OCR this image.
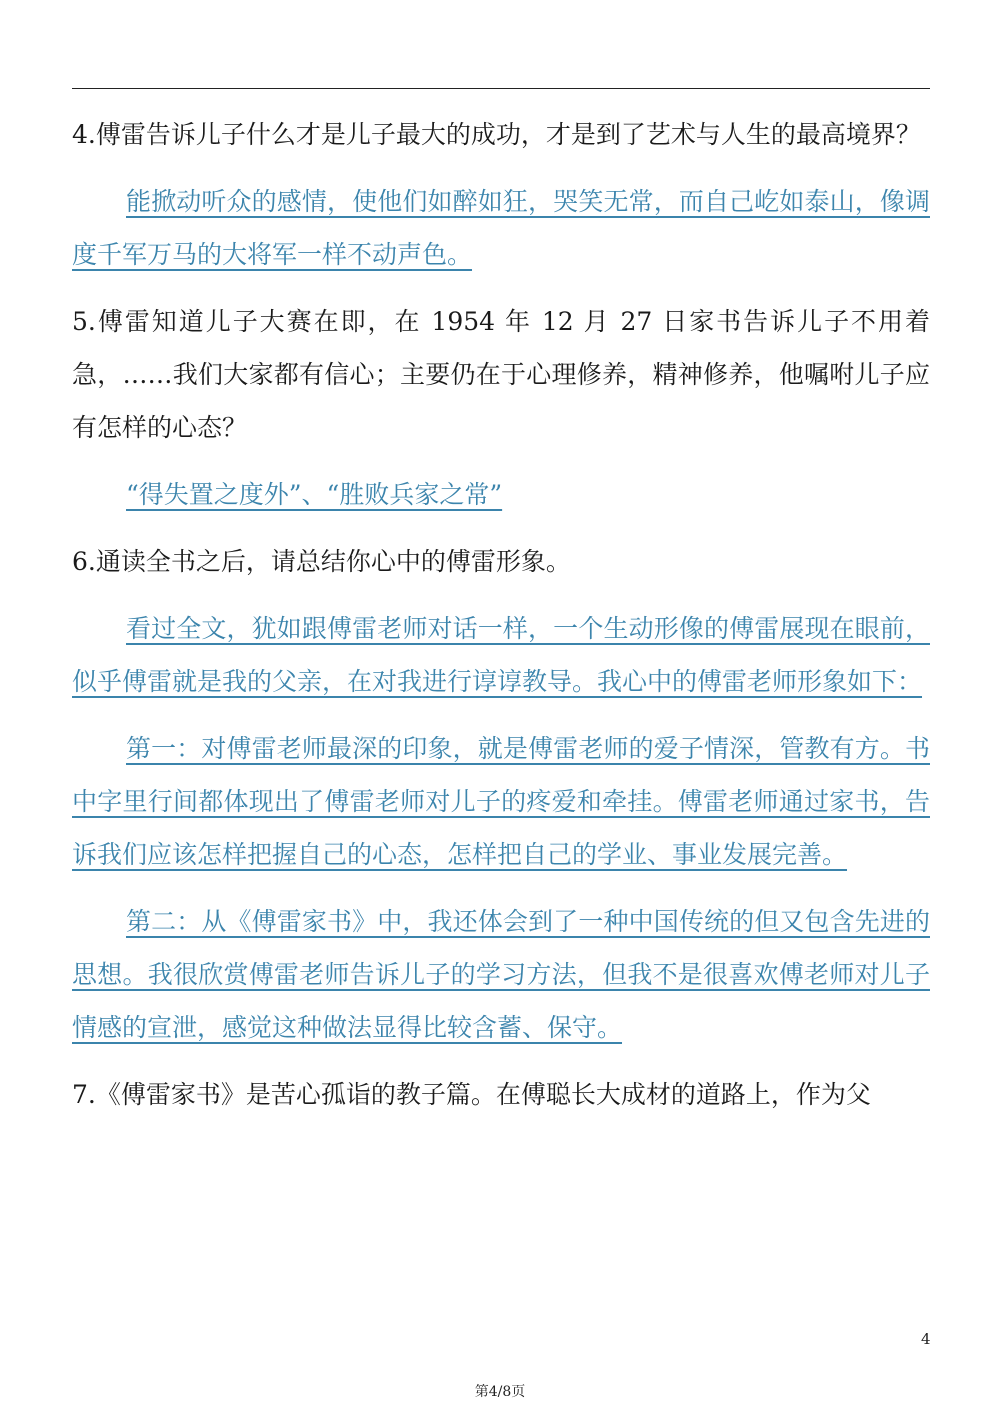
4.傅雷告诉儿子什么才是儿子最大的成功，才是到了艺术与人生的最高境界？

能掀动听众的感情，使他们如醉如狂，哭笑无常，而自己屹如泰山，像调度千军万马的大将军一样不动声色。

5.傅雷知道儿子大赛在即，在 1954 年 12 月 27 日家书告诉儿子不用着急，……我们大家都有信心；主要仍在于心理修养，精神修养，他嘱咐儿子应有怎样的心态？

“得失置之度外”、“胜败兵家之常”

6.通读全书之后，请总结你心中的傅雷形象。

看过全文，犹如跟傅雷老师对话一样，一个生动形像的傅雷展现在眼前，似乎傅雷就是我的父亲，在对我进行谆谆教导。我心中的傅雷老师形象如下：

第一：对傅雷老师最深的印象，就是傅雷老师的爱子情深，管教有方。书中字里行间都体现出了傅雷老师对儿子的疼爱和牵挂。傅雷老师通过家书，告诉我们应该怎样把握自己的心态，怎样把自己的学业、事业发展完善。

第二：从《傅雷家书》中，我还体会到了一种中国传统的但又包含先进的思想。我很欣赏傅雷老师告诉儿子的学习方法，但我不是很喜欢傅老师对儿子情感的宣泄，感觉这种做法显得比较含蓄、保守。

7.《傅雷家书》是苦心孤诣的教子篇。在傅聪长大成材的道路上，作为父

4
第4/8页
